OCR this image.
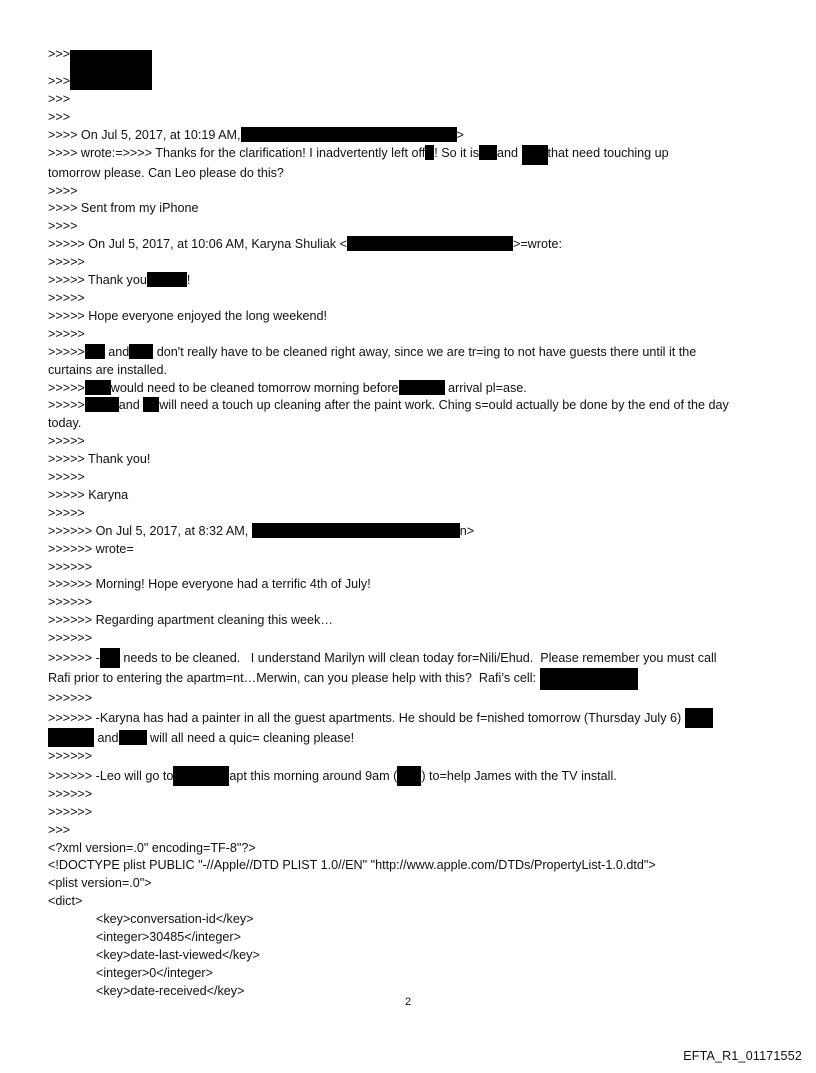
>>>
>>>
>>>
>>>
>>>> On Jul 5, 2017, at 10:19 AM,	>
>>>> wrote:=>>>> Thanks for the clarification! I inadvertently left off ! So it is and that need touching up
tomorrow please. Can Leo please do this?
>>>>
>>>> Sent from my iPhone
>>>>
>>>>> On Jul 5, 2017, at 10:06 AM, Karyna Shuliak <	>=wrote:
>>>>>
>>>>> Thank you	!
>>>>>
>>>>> Hope everyone enjoyed the long weekend!
>>>>>
>>>>> and don't really have to be cleaned right away, since we are tr=ing to not have guests there until it the
curtains are installed.
>>>>> would need to be cleaned tomorrow morning before	arrival pl=ase.
>>>>>	and will need a touch up cleaning after the paint work. Ching s=ould actually be done by the end of the day
today.
>>>>>
>>>>> Thank you!
>>>>>
>>>>> Karyna
>>>>>
>>>>>> On Jul 5, 2017, at 8:32 AM,	n>
>>>>>> wrote=
>>>>>>
>>>>>> Morning! Hope everyone had a terrific 4th of July!
>>>>>>
>>>>>> Regarding apartment cleaning this week…
>>>>>>
>>>>>> - needs to be cleaned.   I understand Marilyn will clean today for=Nili/Ehud.  Please remember you must call
Rafi prior to entering the apartm=nt…Merwin, can you please help with this?  Rafi’s cell:
>>>>>>
>>>>>> -Karyna has had a painter in all the guest apartments. He should be f=nished tomorrow (Thursday July 6)
and	will all need a quic= cleaning please!
>>>>>>
>>>>>> -Leo will go to	apt this morning around 9am ( ) to=help James with the TV install.
>>>>>>
>>>>>>
>>>
<?xml version=.0" encoding=TF-8"?>
<!DOCTYPE plist PUBLIC "-//Apple//DTD PLIST 1.0//EN" "http://www.apple.com/DTDs/PropertyList-1.0.dtd">
<plist version=.0">
<dict>
<key>conversation-id</key>
<integer>30485</integer>
<key>date-last-viewed</key>
<integer>0</integer>
<key>date-received</key>
2
EFTA_R1_01171552
